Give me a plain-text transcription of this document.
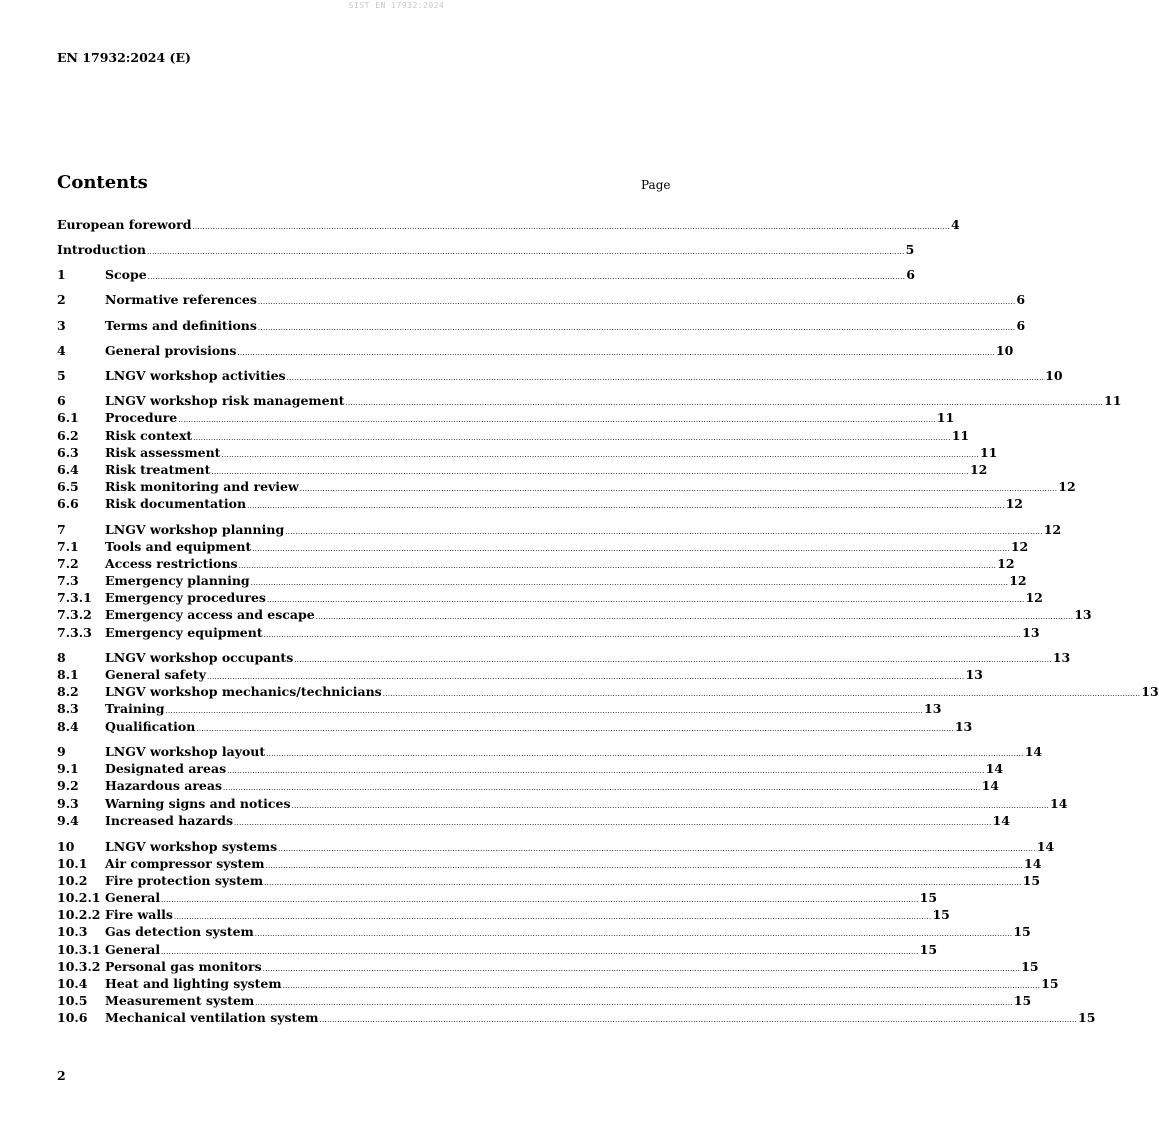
SIST EN 17932:2024
EN 17932:2024 (E)
Contents	Page
European foreword ............................................................................................................................................................................................................................................................................................................ 4
Introduction ............................................................................................................................................................................................................................................................................................................ 5
1	Scope ............................................................................................................................................................................................................................................................................................................ 6
2	Normative references ............................................................................................................................................................................................................................................................................................................ 6
3	Terms and definitions ............................................................................................................................................................................................................................................................................................................ 6
4	General provisions ............................................................................................................................................................................................................................................................................................................ 10
5	LNGV workshop activities ............................................................................................................................................................................................................................................................................................................ 10
6	LNGV workshop risk management ............................................................................................................................................................................................................................................................................................................ 11
6.1	Procedure ............................................................................................................................................................................................................................................................................................................ 11
6.2	Risk context ............................................................................................................................................................................................................................................................................................................ 11
6.3	Risk assessment ............................................................................................................................................................................................................................................................................................................ 11
6.4	Risk treatment ............................................................................................................................................................................................................................................................................................................ 12
6.5	Risk monitoring and review ............................................................................................................................................................................................................................................................................................................ 12
6.6	Risk documentation ............................................................................................................................................................................................................................................................................................................ 12
7	LNGV workshop planning ............................................................................................................................................................................................................................................................................................................ 12
7.1	Tools and equipment ............................................................................................................................................................................................................................................................................................................ 12
7.2	Access restrictions ............................................................................................................................................................................................................................................................................................................ 12
7.3	Emergency planning ............................................................................................................................................................................................................................................................................................................ 12
7.3.1	Emergency procedures ............................................................................................................................................................................................................................................................................................................ 12
7.3.2	Emergency access and escape ............................................................................................................................................................................................................................................................................................................ 13
7.3.3	Emergency equipment ............................................................................................................................................................................................................................................................................................................ 13
8	LNGV workshop occupants ............................................................................................................................................................................................................................................................................................................ 13
8.1	General safety ............................................................................................................................................................................................................................................................................................................ 13
8.2	LNGV workshop mechanics/technicians ............................................................................................................................................................................................................................................................................................................ 13
8.3	Training ............................................................................................................................................................................................................................................................................................................ 13
8.4	Qualification ............................................................................................................................................................................................................................................................................................................ 13
9	LNGV workshop layout ............................................................................................................................................................................................................................................................................................................ 14
9.1	Designated areas ............................................................................................................................................................................................................................................................................................................ 14
9.2	Hazardous areas ............................................................................................................................................................................................................................................................................................................ 14
9.3	Warning signs and notices ............................................................................................................................................................................................................................................................................................................ 14
9.4	Increased hazards ............................................................................................................................................................................................................................................................................................................ 14
10	LNGV workshop systems ............................................................................................................................................................................................................................................................................................................ 14
10.1	Air compressor system ............................................................................................................................................................................................................................................................................................................ 14
10.2	Fire protection system ............................................................................................................................................................................................................................................................................................................ 15
10.2.1 General ............................................................................................................................................................................................................................................................................................................ 15
10.2.2 Fire walls ............................................................................................................................................................................................................................................................................................................ 15
10.3	Gas detection system ............................................................................................................................................................................................................................................................................................................ 15
10.3.1 General ............................................................................................................................................................................................................................................................................................................ 15
10.3.2 Personal gas monitors ............................................................................................................................................................................................................................................................................................................ 15
10.4	Heat and lighting system ............................................................................................................................................................................................................................................................................................................ 15
10.5	Measurement system ............................................................................................................................................................................................................................................................................................................ 15
10.6	Mechanical ventilation system ............................................................................................................................................................................................................................................................................................................ 15
2
